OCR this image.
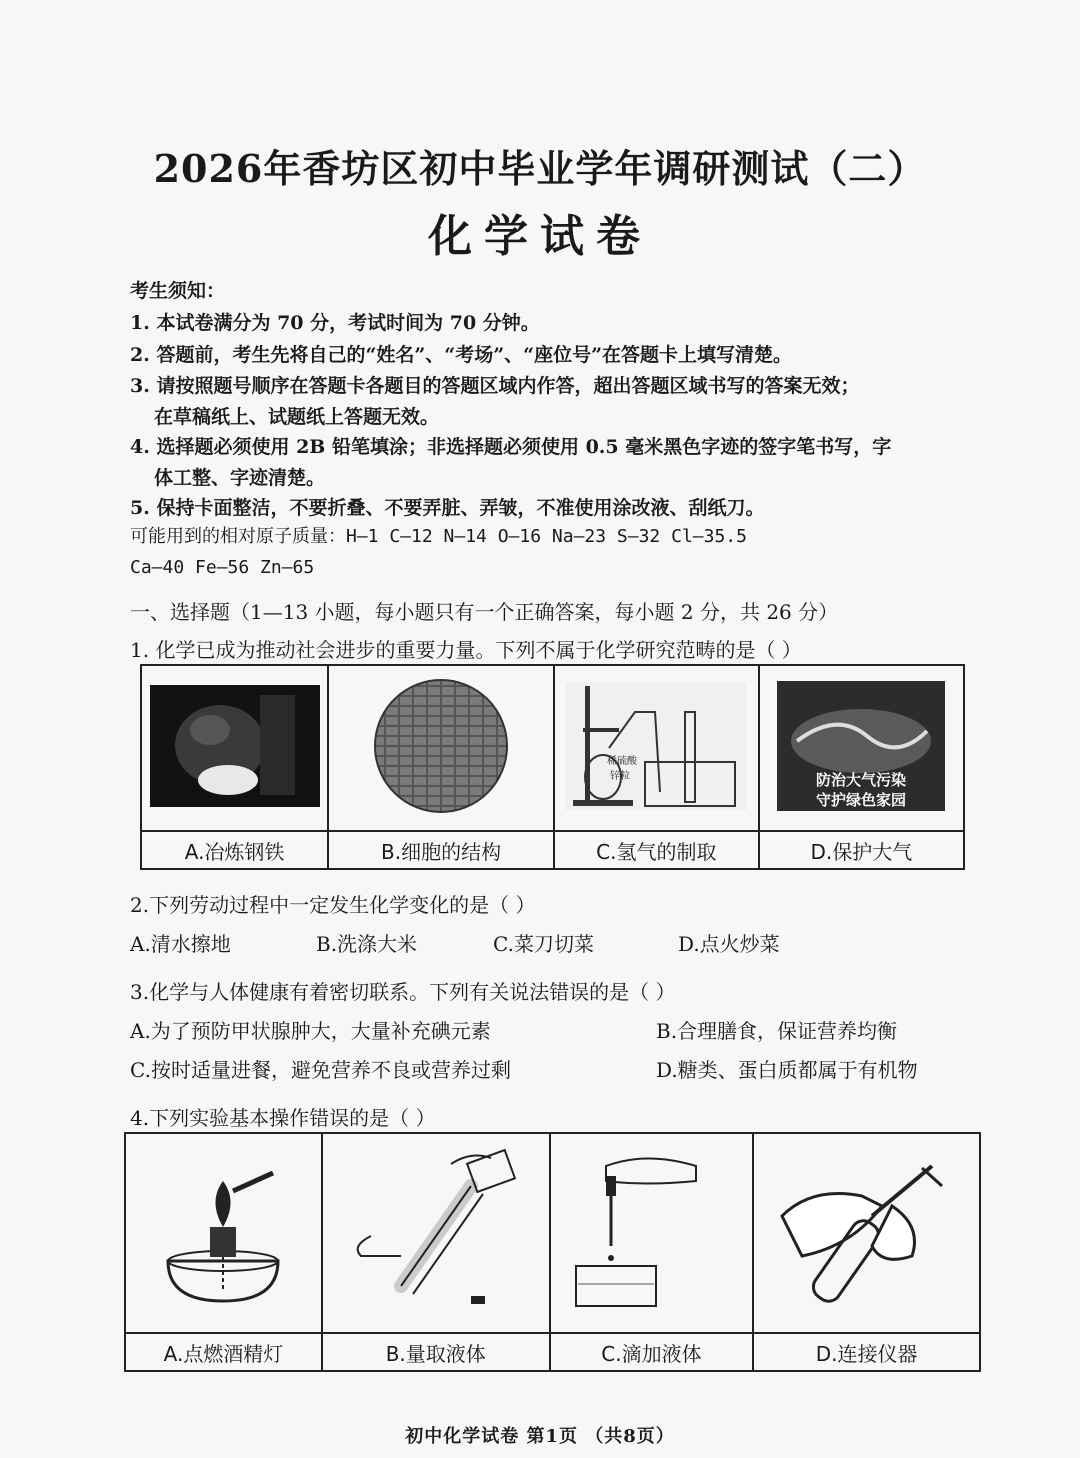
2026年香坊区初中毕业学年调研测试（二）
化学试卷
考生须知：
1. 本试卷满分为 70 分，考试时间为 70 分钟。
2. 答题前，考生先将自己的“姓名”、“考场”、“座位号”在答题卡上填写清楚。
3. 请按照题号顺序在答题卡各题目的答题区域内作答，超出答题区域书写的答案无效；
在草稿纸上、试题纸上答题无效。
4. 选择题必须使用 2B 铅笔填涂；非选择题必须使用 0.5 毫米黑色字迹的签字笔书写，字
体工整、字迹清楚。
5. 保持卡面整洁，不要折叠、不要弄脏、弄皱，不准使用涂改液、刮纸刀。
可能用到的相对原子质量：H—1 C—12 N—14 O—16 Na—23 S—32 Cl—35.5
Ca—40 Fe—56 Zn—65
一、选择题（1—13 小题，每小题只有一个正确答案，每小题 2 分，共 26 分）
1. 化学已成为推动社会进步的重要力量。下列不属于化学研究范畴的是（ ）

稀硫酸
锌粒	防治大气污染
守护绿色家园

A.冶炼钢铁	B.细胞的结构	C.氢气的制取	D.保护大气
2.下列劳动过程中一定发生化学变化的是（ ）
A.清水擦地	B.洗涤大米	C.菜刀切菜	D.点火炒菜
3.化学与人体健康有着密切联系。下列有关说法错误的是（ ）
A.为了预防甲状腺肿大，大量补充碘元素	B.合理膳食，保证营养均衡
C.按时适量进餐，避免营养不良或营养过剩	D.糖类、蛋白质都属于有机物
4.下列实验基本操作错误的是（ ）

A.点燃酒精灯	B.量取液体	C.滴加液体	D.连接仪器
初中化学试卷 第1页 （共8页）
